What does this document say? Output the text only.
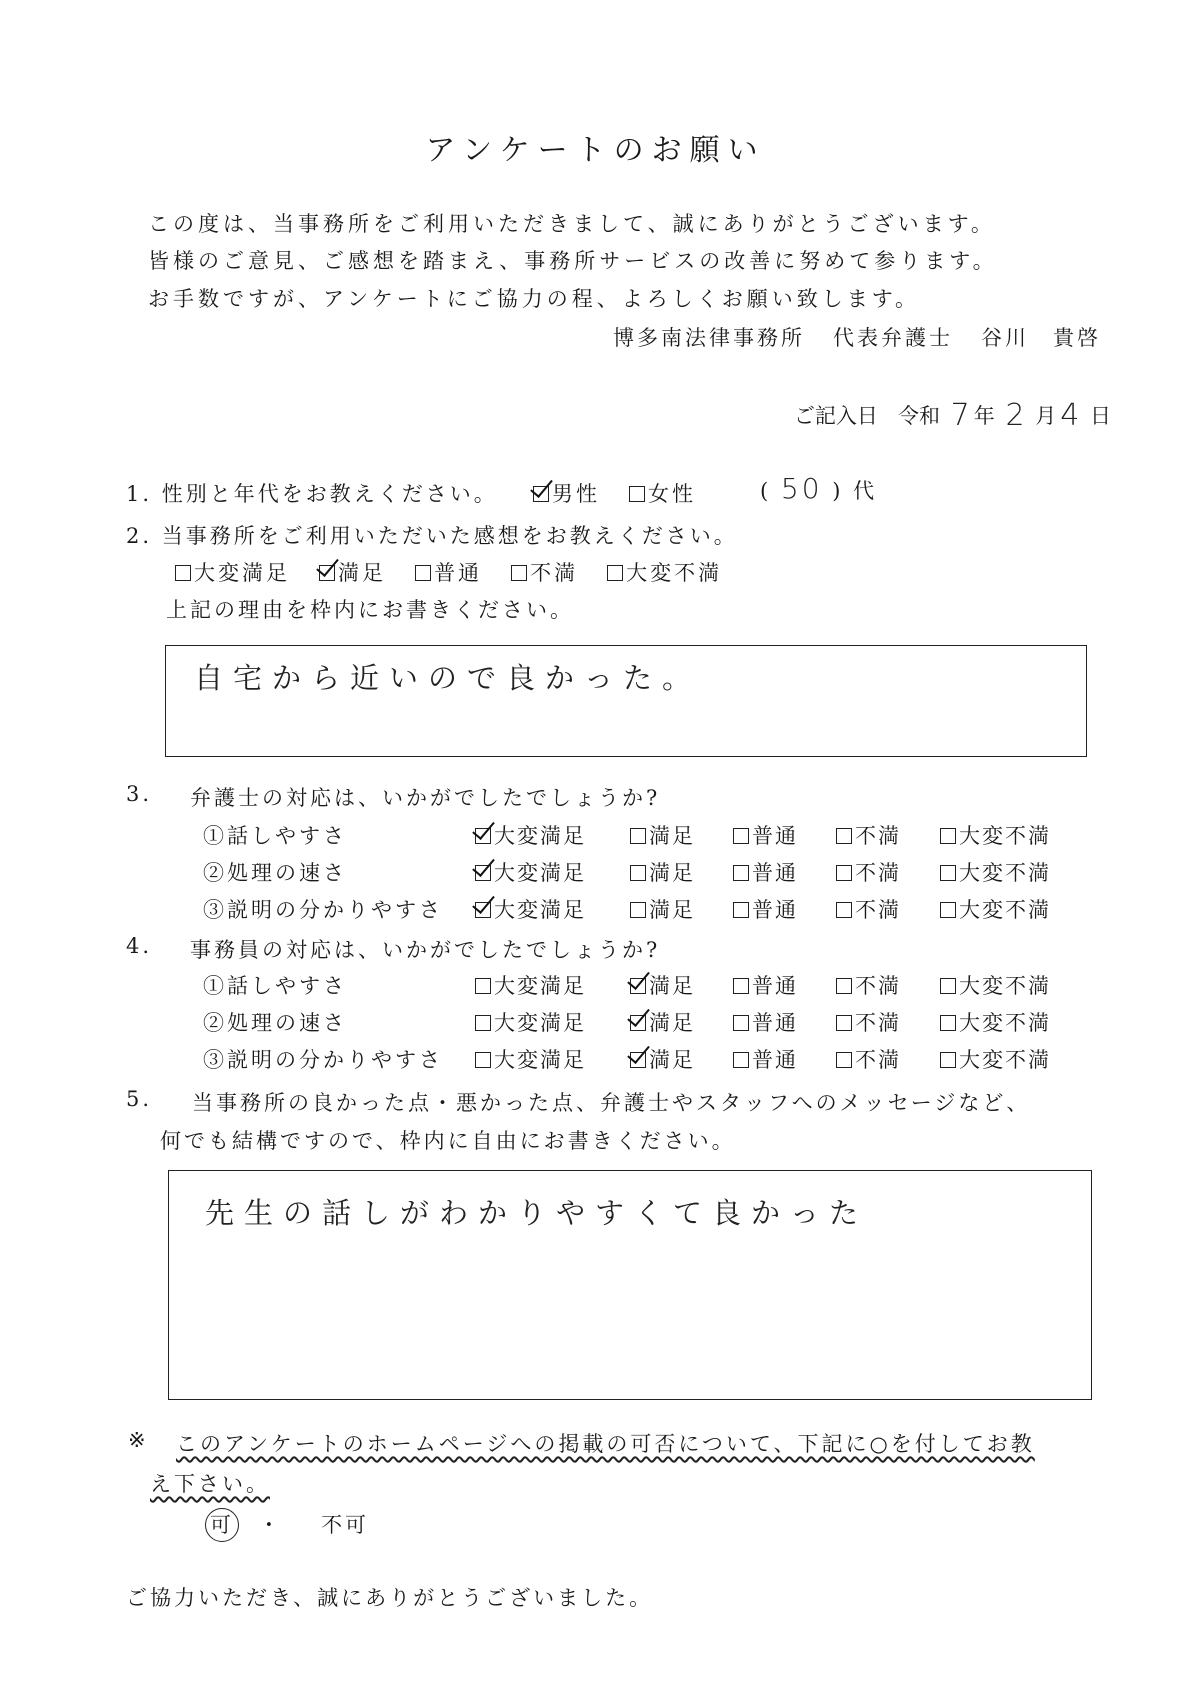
アンケートのお願い
この度は、当事務所をご利用いただきまして、誠にありがとうございます。
皆様のご意見、ご感想を踏まえ、事務所サービスの改善に努めて参ります。
お手数ですが、アンケートにご協力の程、よろしくお願い致します。
博多南法律事務所 代表弁護士 谷川　貴啓
ご記入日 令和 7 年 2 月 4 日
1. 性別と年代をお教えください。	男性 女性	( 50 ) 代
2. 当事務所をご利用いただいた感想をお教えください。
大変満足 満足 普通 不満 大変不満
上記の理由を枠内にお書きください。
自宅から近いので良かった。
3. 弁護士の対応は、いかがでしたでしょうか?
①話しやすさ	大変満足	満足	普通	不満	大変不満
②処理の速さ	大変満足	満足	普通	不満	大変不満
③説明の分かりやすさ	大変満足	満足	普通	不満	大変不満
4. 事務員の対応は、いかがでしたでしょうか?
①話しやすさ	大変満足	満足	普通	不満	大変不満
②処理の速さ	大変満足	満足	普通	不満	大変不満
③説明の分かりやすさ	大変満足	満足	普通	不満	大変不満
5. 当事務所の良かった点・悪かった点、弁護士やスタッフへのメッセージなど、
何でも結構ですので、枠内に自由にお書きください。
先生の話しがわかりやすくて良かった
※ このアンケートのホームページへの掲載の可否について、下記に○を付してお教
え下さい。
可 ・ 不可
ご協力いただき、誠にありがとうございました。
